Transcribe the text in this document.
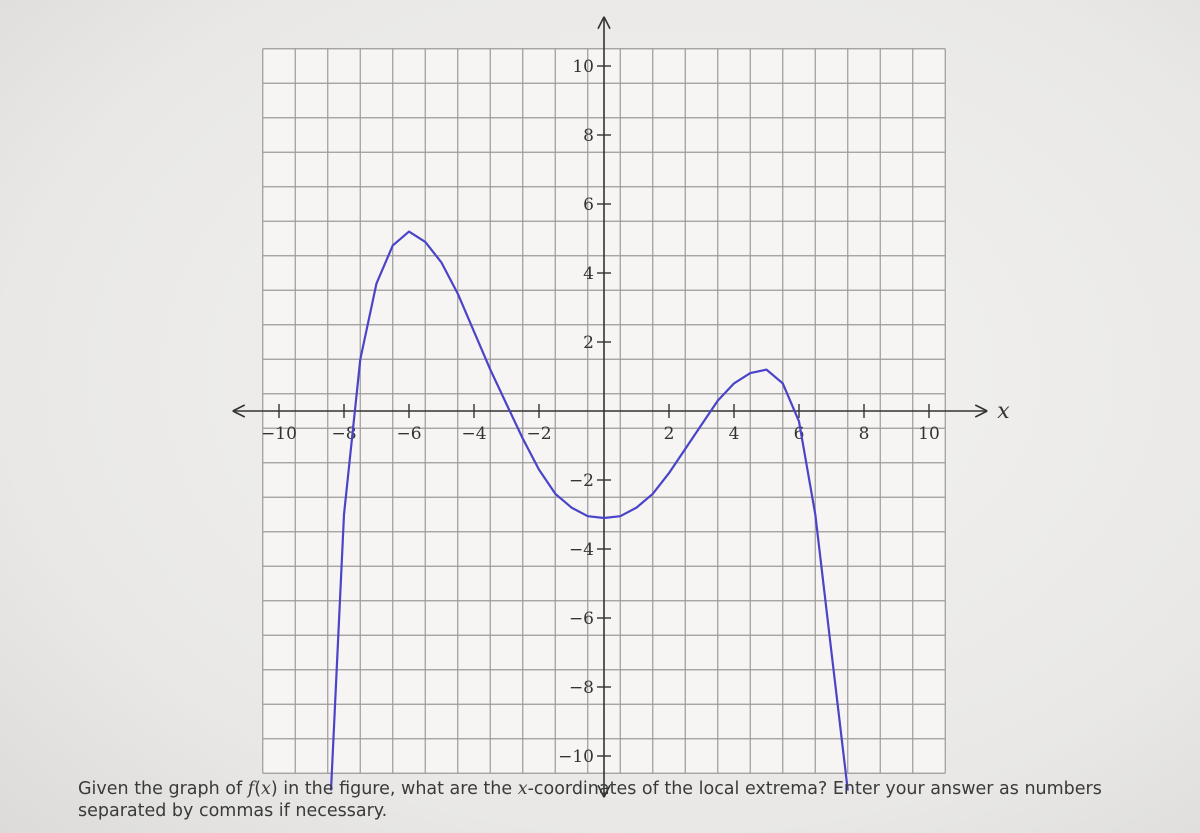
−10 −8 −6 −4 −2	2	4	6	8	10
10
8
6
4
2
−2
−4
−6
−8
−10
x
Given the graph of f(x) in the figure, what are the x-coordinates of the local extrema? Enter your answer as numbers separated by commas if necessary.
